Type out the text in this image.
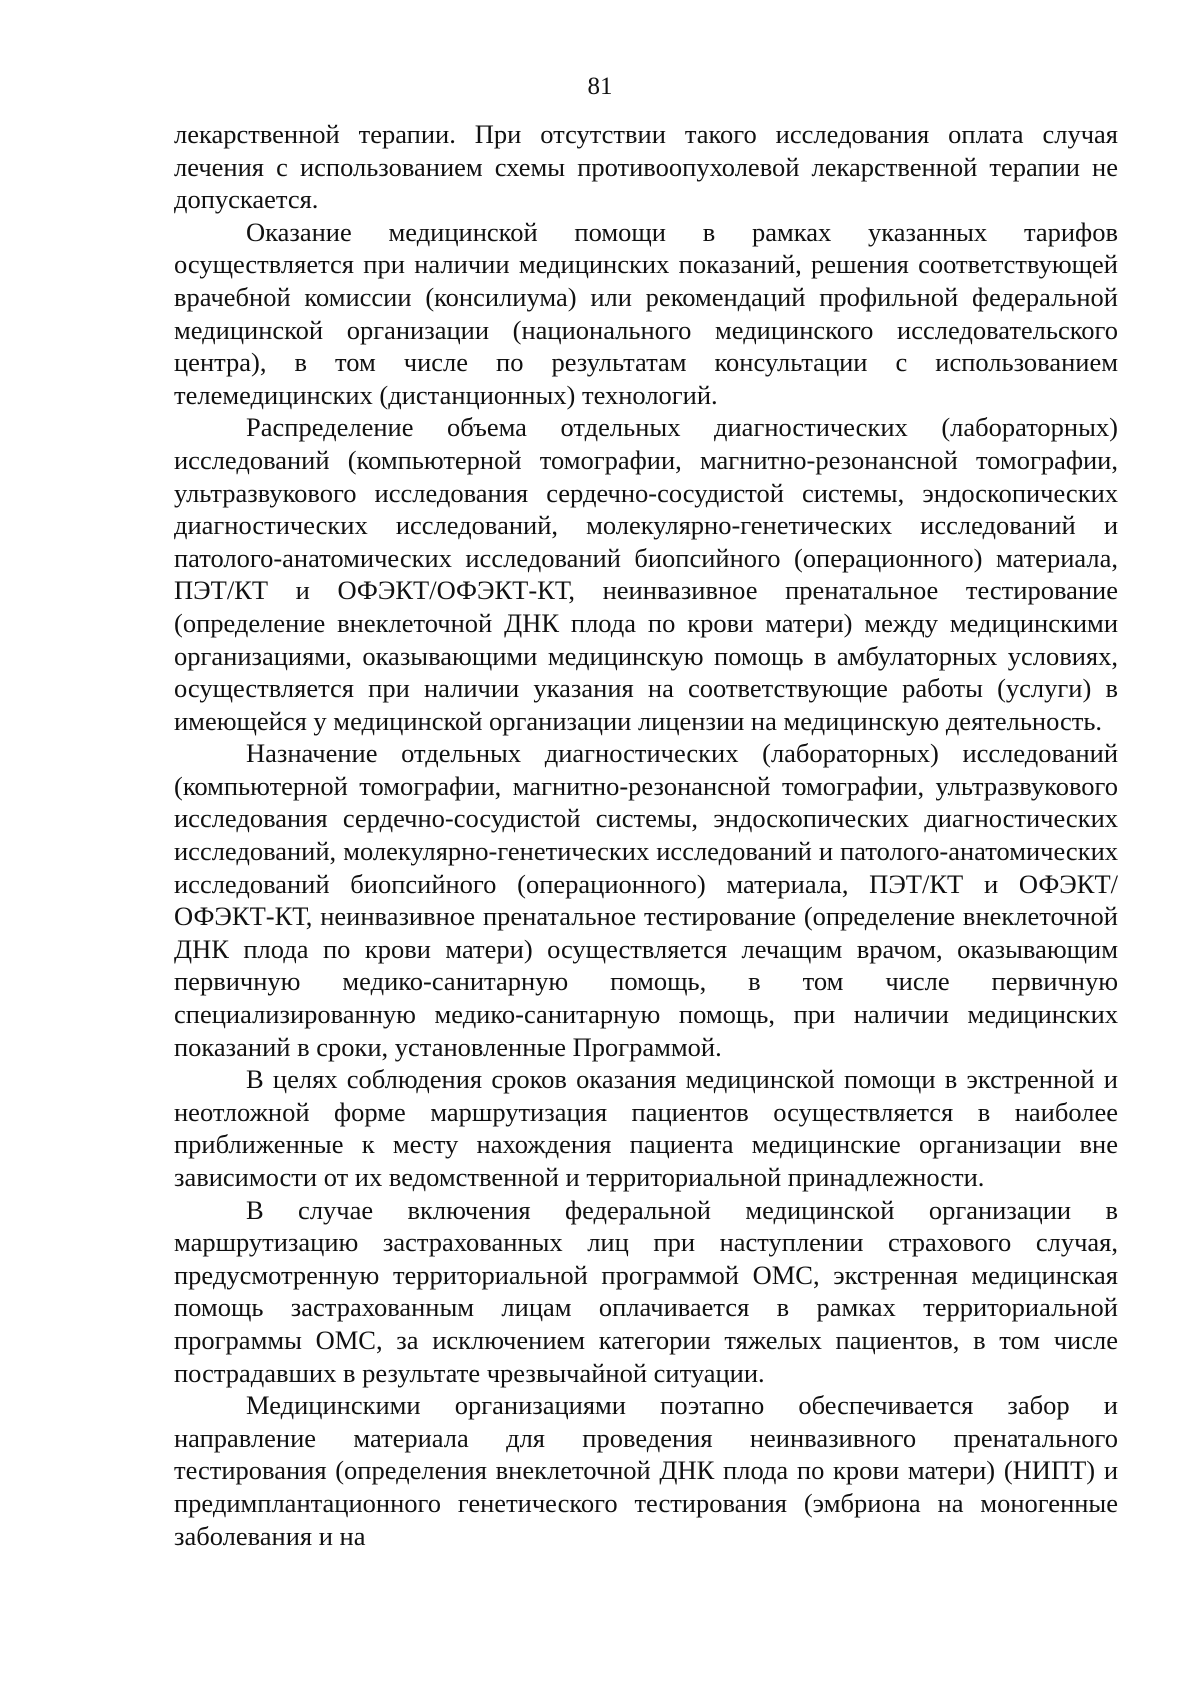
81

лекарственной терапии. При отсутствии такого исследования оплата случая лечения с использованием схемы противоопухолевой лекарственной терапии не допускается.

Оказание медицинской помощи в рамках указанных тарифов осуществляется при наличии медицинских показаний, решения соответствующей врачебной комиссии (консилиума) или рекомендаций профильной федеральной медицинской организации (национального медицинского исследовательского центра), в том числе по результатам консультации с использованием телемедицинских (дистанционных) технологий.

Распределение объема отдельных диагностических (лабораторных) исследований (компьютерной томографии, магнитно-резонансной томографии, ультразвукового исследования сердечно-сосудистой системы, эндоскопических диагностических исследований, молекулярно-генетических исследований и патолого-анатомических исследований биопсийного (операционного) материала, ПЭТ/КТ и ОФЭКТ/ОФЭКТ-КТ, неинвазивное пренатальное тестирование (определение внеклеточной ДНК плода по крови матери) между медицинскими организациями, оказывающими медицинскую помощь в амбулаторных условиях, осуществляется при наличии указания на соответствующие работы (услуги) в имеющейся у медицинской организации лицензии на медицинскую деятельность.

Назначение отдельных диагностических (лабораторных) исследований (компьютерной томографии, магнитно-резонансной томографии, ультразвукового исследования сердечно-сосудистой системы, эндоскопических диагностических исследований, молекулярно-генетических исследований и патолого-анатомических исследований биопсийного (операционного) материала, ПЭТ/КТ и ОФЭКТ/ ОФЭКТ-КТ, неинвазивное пренатальное тестирование (определение внеклеточной ДНК плода по крови матери) осуществляется лечащим врачом, оказывающим первичную медико-санитарную помощь, в том числе первичную специализированную медико-санитарную помощь, при наличии медицинских показаний в сроки, установленные Программой.

В целях соблюдения сроков оказания медицинской помощи в экстренной и неотложной форме маршрутизация пациентов осуществляется в наиболее приближенные к месту нахождения пациента медицинские организации вне зависимости от их ведомственной и территориальной принадлежности.

В случае включения федеральной медицинской организации в маршрутизацию застрахованных лиц при наступлении страхового случая, предусмотренную территориальной программой ОМС, экстренная медицинская помощь застрахованным лицам оплачивается в рамках территориальной программы ОМС, за исключением категории тяжелых пациентов, в том числе пострадавших в результате чрезвычайной ситуации.

Медицинскими организациями поэтапно обеспечивается забор и направление материала для проведения неинвазивного пренатального тестирования (определения внеклеточной ДНК плода по крови матери) (НИПТ) и предимплантационного генетического тестирования (эмбриона на моногенные заболевания и на
